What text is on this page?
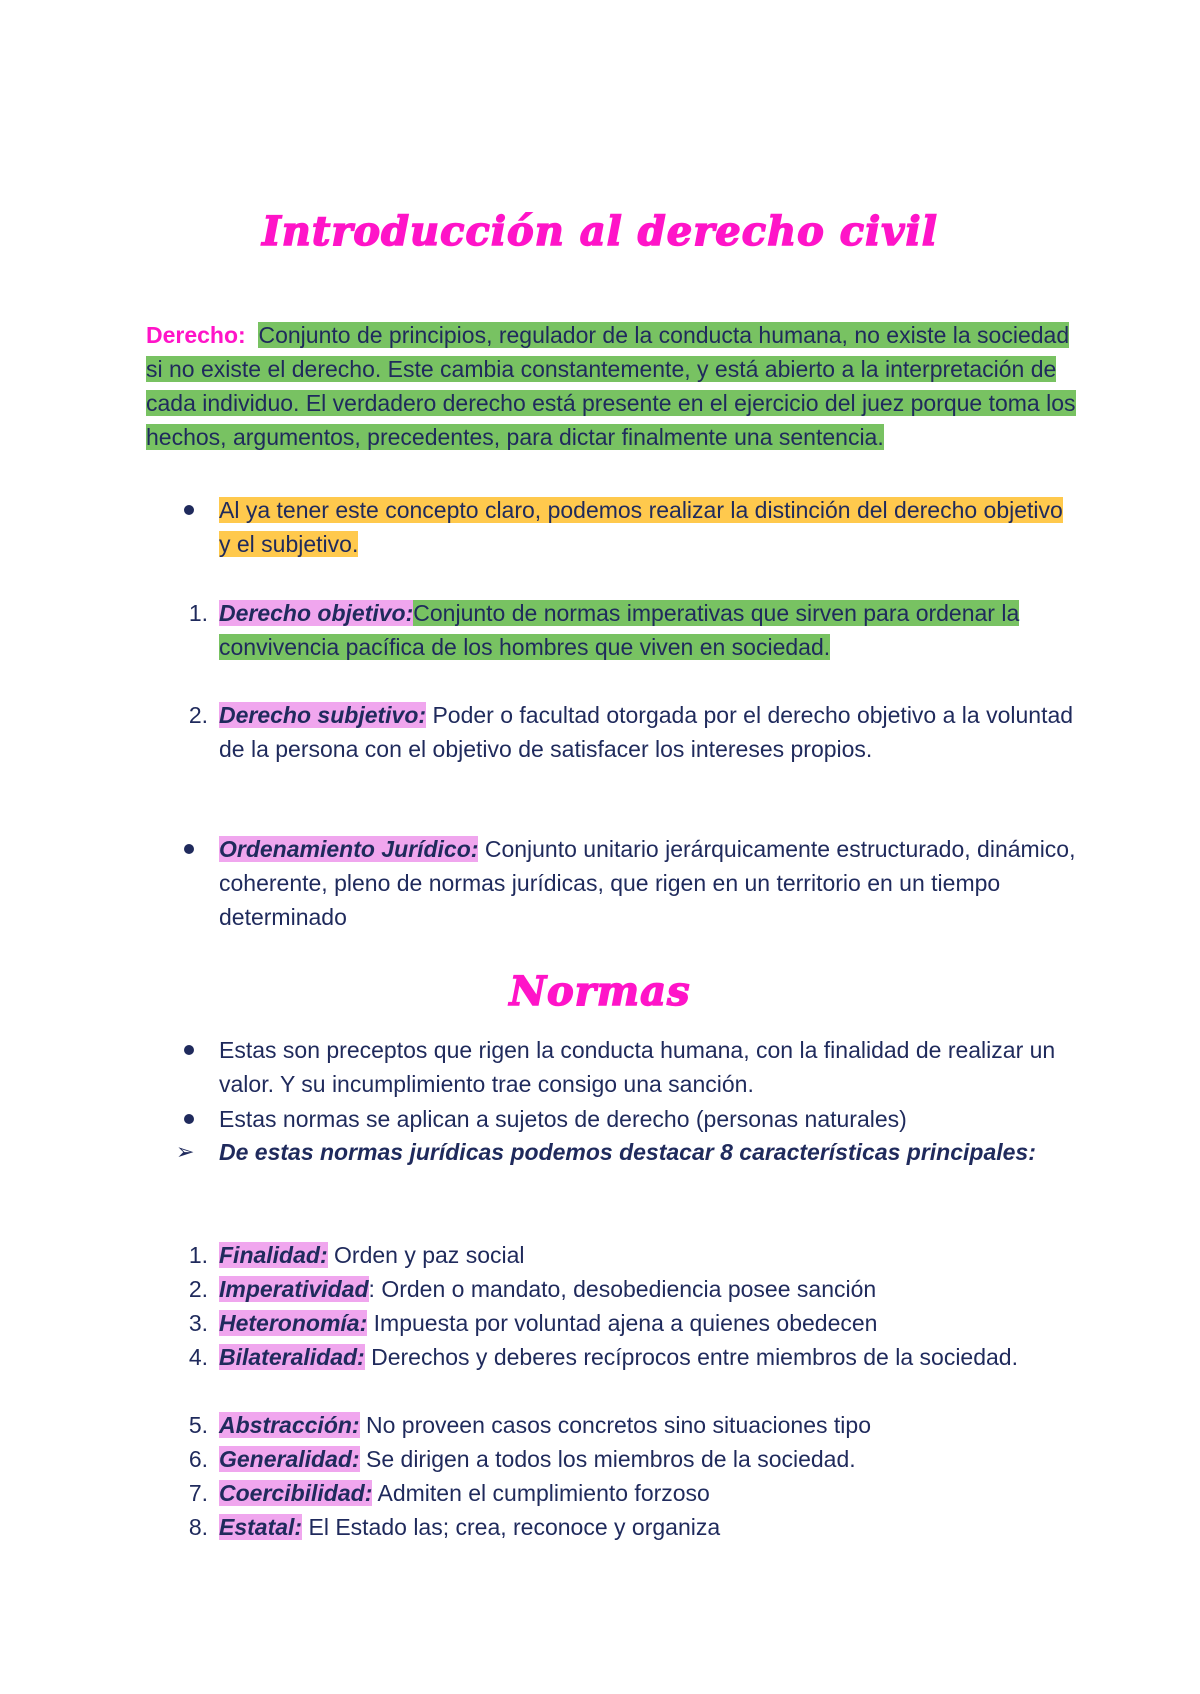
Introducción al derecho civil
Derecho: Conjunto de principios, regulador de la conducta humana, no existe la sociedad si no existe el derecho. Este cambia constantemente, y está abierto a la interpretación de cada individuo. El verdadero derecho está presente en el ejercicio del juez porque toma los hechos, argumentos, precedentes, para dictar finalmente una sentencia.
Al ya tener este concepto claro, podemos realizar la distinción del derecho objetivo y el subjetivo.
1. Derecho objetivo:Conjunto de normas imperativas que sirven para ordenar la convivencia pacífica de los hombres que viven en sociedad.
2. Derecho subjetivo: Poder o facultad otorgada por el derecho objetivo a la voluntad de la persona con el objetivo de satisfacer los intereses propios.
Ordenamiento Jurídico: Conjunto unitario jerárquicamente estructurado, dinámico, coherente, pleno de normas jurídicas, que rigen en un territorio en un tiempo determinado
Normas
Estas son preceptos que rigen la conducta humana, con la finalidad de realizar un valor. Y su incumplimiento trae consigo una sanción.
Estas normas se aplican a sujetos de derecho (personas naturales)
➢ De estas normas jurídicas podemos destacar 8 características principales:
1. Finalidad: Orden y paz social
2. Imperatividad: Orden o mandato, desobediencia posee sanción
3. Heteronomía: Impuesta por voluntad ajena a quienes obedecen
4. Bilateralidad: Derechos y deberes recíprocos entre miembros de la sociedad.
5. Abstracción: No proveen casos concretos sino situaciones tipo
6. Generalidad: Se dirigen a todos los miembros de la sociedad.
7. Coercibilidad: Admiten el cumplimiento forzoso
8. Estatal: El Estado las; crea, reconoce y organiza
